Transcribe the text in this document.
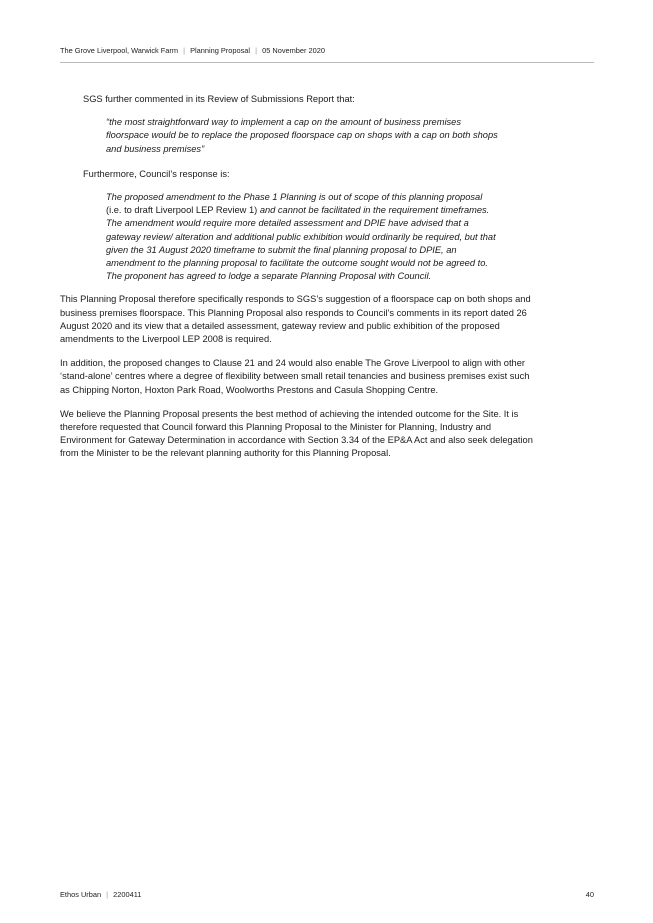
The Grove Liverpool, Warwick Farm | Planning Proposal | 05 November 2020

SGS further commented in its Review of Submissions Report that:

“the most straightforward way to implement a cap on the amount of business premises

floorspace would be to replace the proposed floorspace cap on shops with a cap on both shops

and business premises”

Furthermore, Council’s response is:

The proposed amendment to the Phase 1 Planning is out of scope of this planning proposal

(i.e. to draft Liverpool LEP Review 1) and cannot be facilitated in the requirement timeframes.

The amendment would require more detailed assessment and DPIE have advised that a

gateway review/ alteration and additional public exhibition would ordinarily be required, but that

given the 31 August 2020 timeframe to submit the final planning proposal to DPIE, an

amendment to the planning proposal to facilitate the outcome sought would not be agreed to.

The proponent has agreed to lodge a separate Planning Proposal with Council.

This Planning Proposal therefore specifically responds to SGS’s suggestion of a floorspace cap on both shops and

business premises floorspace. This Planning Proposal also responds to Council’s comments in its report dated 26

August 2020 and its view that a detailed assessment, gateway review and public exhibition of the proposed

amendments to the Liverpool LEP 2008 is required.

In addition, the proposed changes to Clause 21 and 24 would also enable The Grove Liverpool to align with other

‘stand-alone’ centres where a degree of flexibility between small retail tenancies and business premises exist such

as Chipping Norton, Hoxton Park Road, Woolworths Prestons and Casula Shopping Centre.

We believe the Planning Proposal presents the best method of achieving the intended outcome for the Site. It is

therefore requested that Council forward this Planning Proposal to the Minister for Planning, Industry and

Environment for Gateway Determination in accordance with Section 3.34 of the EP&A Act and also seek delegation

from the Minister to be the relevant planning authority for this Planning Proposal.

Ethos Urban | 2200411	40
